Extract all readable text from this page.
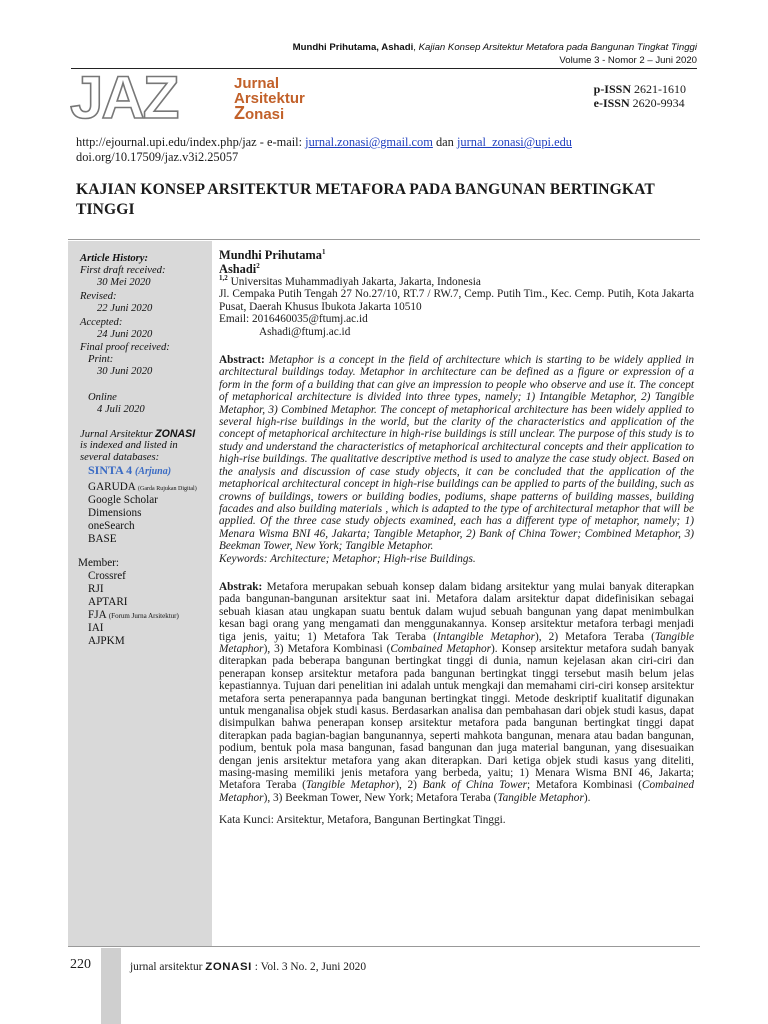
Mundhi Prihutama, Ashadi, Kajian Konsep Arsitektur Metafora pada Bangunan Tingkat Tinggi
Volume 3 - Nomor 2 – Juni 2020
JAZ	Jurnal
Arsitektur
Zonasi
p-ISSN 2621-1610
e-ISSN 2620-9934
http://ejournal.upi.edu/index.php/jaz - e-mail: jurnal.zonasi@gmail.com dan jurnal_zonasi@upi.edu
doi.org/10.17509/jaz.v3i2.25057
KAJIAN KONSEP ARSITEKTUR METAFORA PADA BANGUNAN BERTINGKAT TINGGI
Article History:
First draft received:
30 Mei 2020
Revised:
22 Juni 2020
Accepted:
24 Juni 2020
Final proof received:
Print:
30 Juni 2020
Online
4 Juli 2020
Jurnal Arsitektur ZONASI
is indexed and listed in
several databases:
SINTA 4 (Arjuna)
GARUDA (Garda Rujukan Digital)
Google Scholar
Dimensions
oneSearch
BASE
Member:
Crossref
RJI
APTARI
FJA (Forum Jurna Arsitektur)
IAI
AJPKM
Mundhi Prihutama$^1$
Ashadi$^2$
$^{1,2}$ Universitas Muhammadiyah Jakarta, Jakarta, Indonesia
Jl. Cempaka Putih Tengah 27 No.27/10, RT.7 / RW.7, Cemp. Putih Tim., Kec. Cemp. Putih, Kota Jakarta Pusat, Daerah Khusus Ibukota Jakarta 10510
Email: 2016460035@ftumj.ac.id
Ashadi@ftumj.ac.id
Abstract: Metaphor is a concept in the field of architecture which is starting to be widely applied in architectural buildings today. Metaphor in architecture can be defined as a figure or expression of a form in the form of a building that can give an impression to people who observe and use it. The concept of metaphorical architecture is divided into three types, namely; 1) Intangible Metaphor, 2) Tangible Metaphor, 3) Combined Metaphor. The concept of metaphorical architecture has been widely applied to several high-rise buildings in the world, but the clarity of the characteristics and application of the concept of metaphorical architecture in high-rise buildings is still unclear. The purpose of this study is to study and understand the characteristics of metaphorical architectural concepts and their application to high-rise buildings. The qualitative descriptive method is used to analyze the case study object. Based on the analysis and discussion of case study objects, it can be concluded that the application of the metaphorical architectural concept in high-rise buildings can be applied to parts of the building, such as crowns of buildings, towers or building bodies, podiums, shape patterns of building masses, building facades and also building materials , which is adapted to the type of architectural metaphor that will be applied. Of the three case study objects examined, each has a different type of metaphor, namely; 1) Menara Wisma BNI 46, Jakarta; Tangible Metaphor, 2) Bank of China Tower; Combined Metaphor, 3) Beekman Tower, New York; Tangible Metaphor.
Keywords: Architecture; Metaphor; High-rise Buildings.
Abstrak: Metafora merupakan sebuah konsep dalam bidang arsitektur yang mulai banyak diterapkan pada bangunan-bangunan arsitektur saat ini. Metafora dalam arsitektur dapat didefinisikan sebagai sebuah kiasan atau ungkapan suatu bentuk dalam wujud sebuah bangunan yang dapat menimbulkan kesan bagi orang yang mengamati dan menggunakannya. Konsep arsitektur metafora terbagi menjadi tiga jenis, yaitu; 1) Metafora Tak Teraba (Intangible Metaphor), 2) Metafora Teraba (Tangible Metaphor), 3) Metafora Kombinasi (Combained Metaphor). Konsep arsitektur metafora sudah banyak diterapkan pada beberapa bangunan bertingkat tinggi di dunia, namun kejelasan akan ciri-ciri dan penerapan konsep arsitektur metafora pada bangunan bertingkat tinggi tersebut masih belum jelas kepastiannya. Tujuan dari penelitian ini adalah untuk mengkaji dan memahami ciri-ciri konsep arsitektur metafora serta penerapannya pada bangunan bertingkat tinggi. Metode deskriptif kualitatif digunakan untuk menganalisa objek studi kasus. Berdasarkan analisa dan pembahasan dari objek studi kasus, dapat disimpulkan bahwa penerapan konsep arsitektur metafora pada bangunan bertingkat tinggi dapat diterapkan pada bagian-bagian bangunannya, seperti mahkota bangunan, menara atau badan bangunan, podium, bentuk pola masa bangunan, fasad bangunan dan juga material bangunan, yang disesuaikan dengan jenis arsitektur metafora yang akan diterapkan. Dari ketiga objek studi kasus yang diteliti, masing-masing memiliki jenis metafora yang berbeda, yaitu; 1) Menara Wisma BNI 46, Jakarta; Metafora Teraba (Tangible Metaphor), 2) Bank of China Tower; Metafora Kombinasi (Combained Metaphor), 3) Beekman Tower, New York; Metafora Teraba (Tangible Metaphor).
Kata Kunci: Arsitektur, Metafora, Bangunan Bertingkat Tinggi.
220	jurnal arsitektur ZONASI : Vol. 3 No. 2, Juni 2020
